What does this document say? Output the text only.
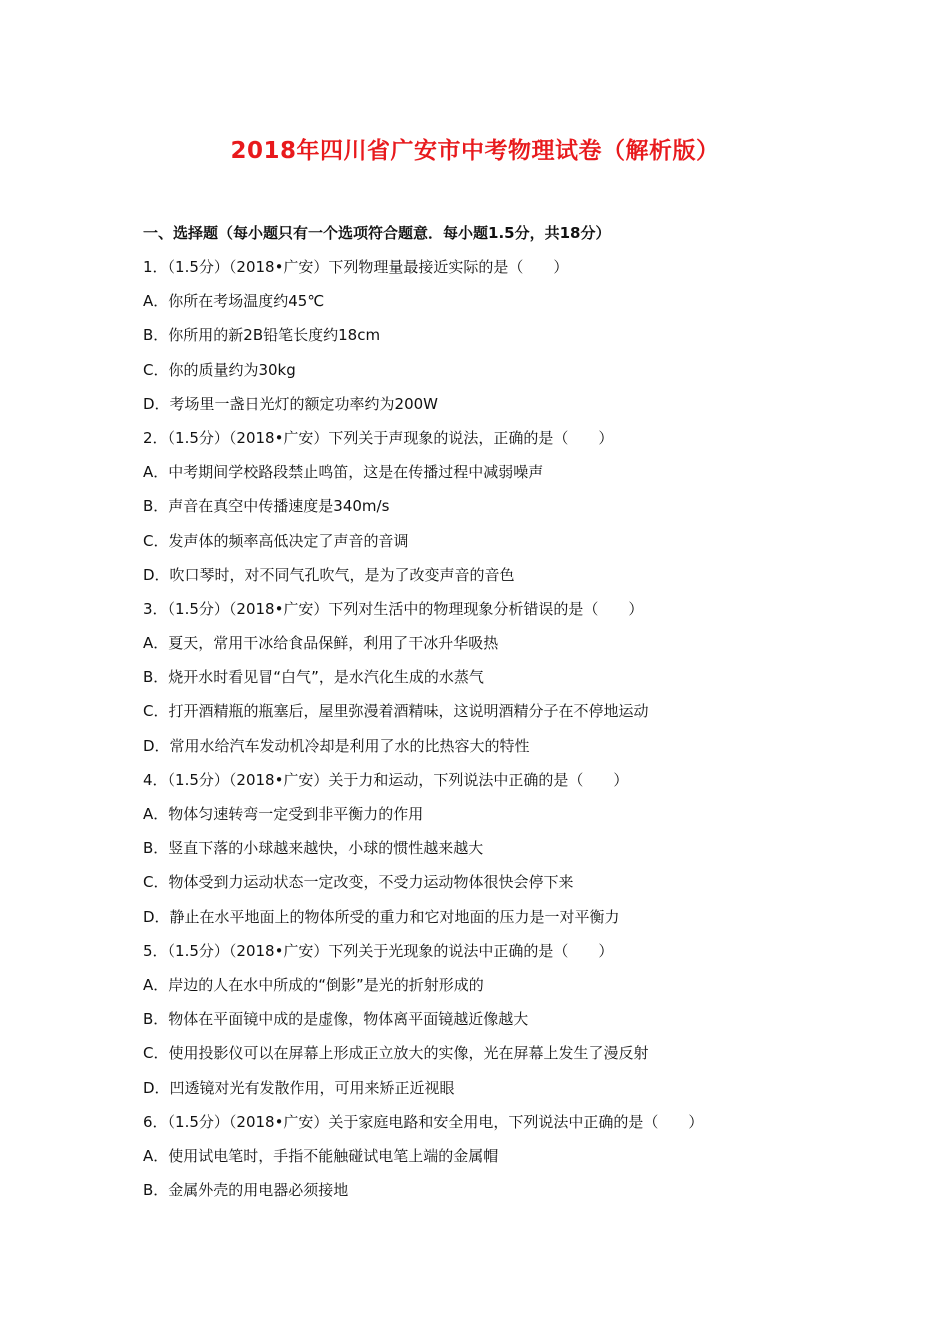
2018年四川省广安市中考物理试卷（解析版）
一、选择题（每小题只有一个选项符合题意．每小题1.5分，共18分）
1．（1.5分）（2018•广安）下列物理量最接近实际的是（　　）
A．你所在考场温度约45℃
B．你所用的新2B铅笔长度约18cm
C．你的质量约为30kg
D．考场里一盏日光灯的额定功率约为200W
2．（1.5分）（2018•广安）下列关于声现象的说法，正确的是（　　）
A．中考期间学校路段禁止鸣笛，这是在传播过程中减弱噪声
B．声音在真空中传播速度是340m/s
C．发声体的频率高低决定了声音的音调
D．吹口琴时，对不同气孔吹气，是为了改变声音的音色
3．（1.5分）（2018•广安）下列对生活中的物理现象分析错误的是（　　）
A．夏天，常用干冰给食品保鲜，利用了干冰升华吸热
B．烧开水时看见冒“白气”，是水汽化生成的水蒸气
C．打开酒精瓶的瓶塞后，屋里弥漫着酒精味，这说明酒精分子在不停地运动
D．常用水给汽车发动机冷却是利用了水的比热容大的特性
4．（1.5分）（2018•广安）关于力和运动，下列说法中正确的是（　　）
A．物体匀速转弯一定受到非平衡力的作用
B．竖直下落的小球越来越快，小球的惯性越来越大
C．物体受到力运动状态一定改变，不受力运动物体很快会停下来
D．静止在水平地面上的物体所受的重力和它对地面的压力是一对平衡力
5．（1.5分）（2018•广安）下列关于光现象的说法中正确的是（　　）
A．岸边的人在水中所成的“倒影”是光的折射形成的
B．物体在平面镜中成的是虚像，物体离平面镜越近像越大
C．使用投影仪可以在屏幕上形成正立放大的实像，光在屏幕上发生了漫反射
D．凹透镜对光有发散作用，可用来矫正近视眼
6．（1.5分）（2018•广安）关于家庭电路和安全用电，下列说法中正确的是（　　）
A．使用试电笔时，手指不能触碰试电笔上端的金属帽
B．金属外壳的用电器必须接地
